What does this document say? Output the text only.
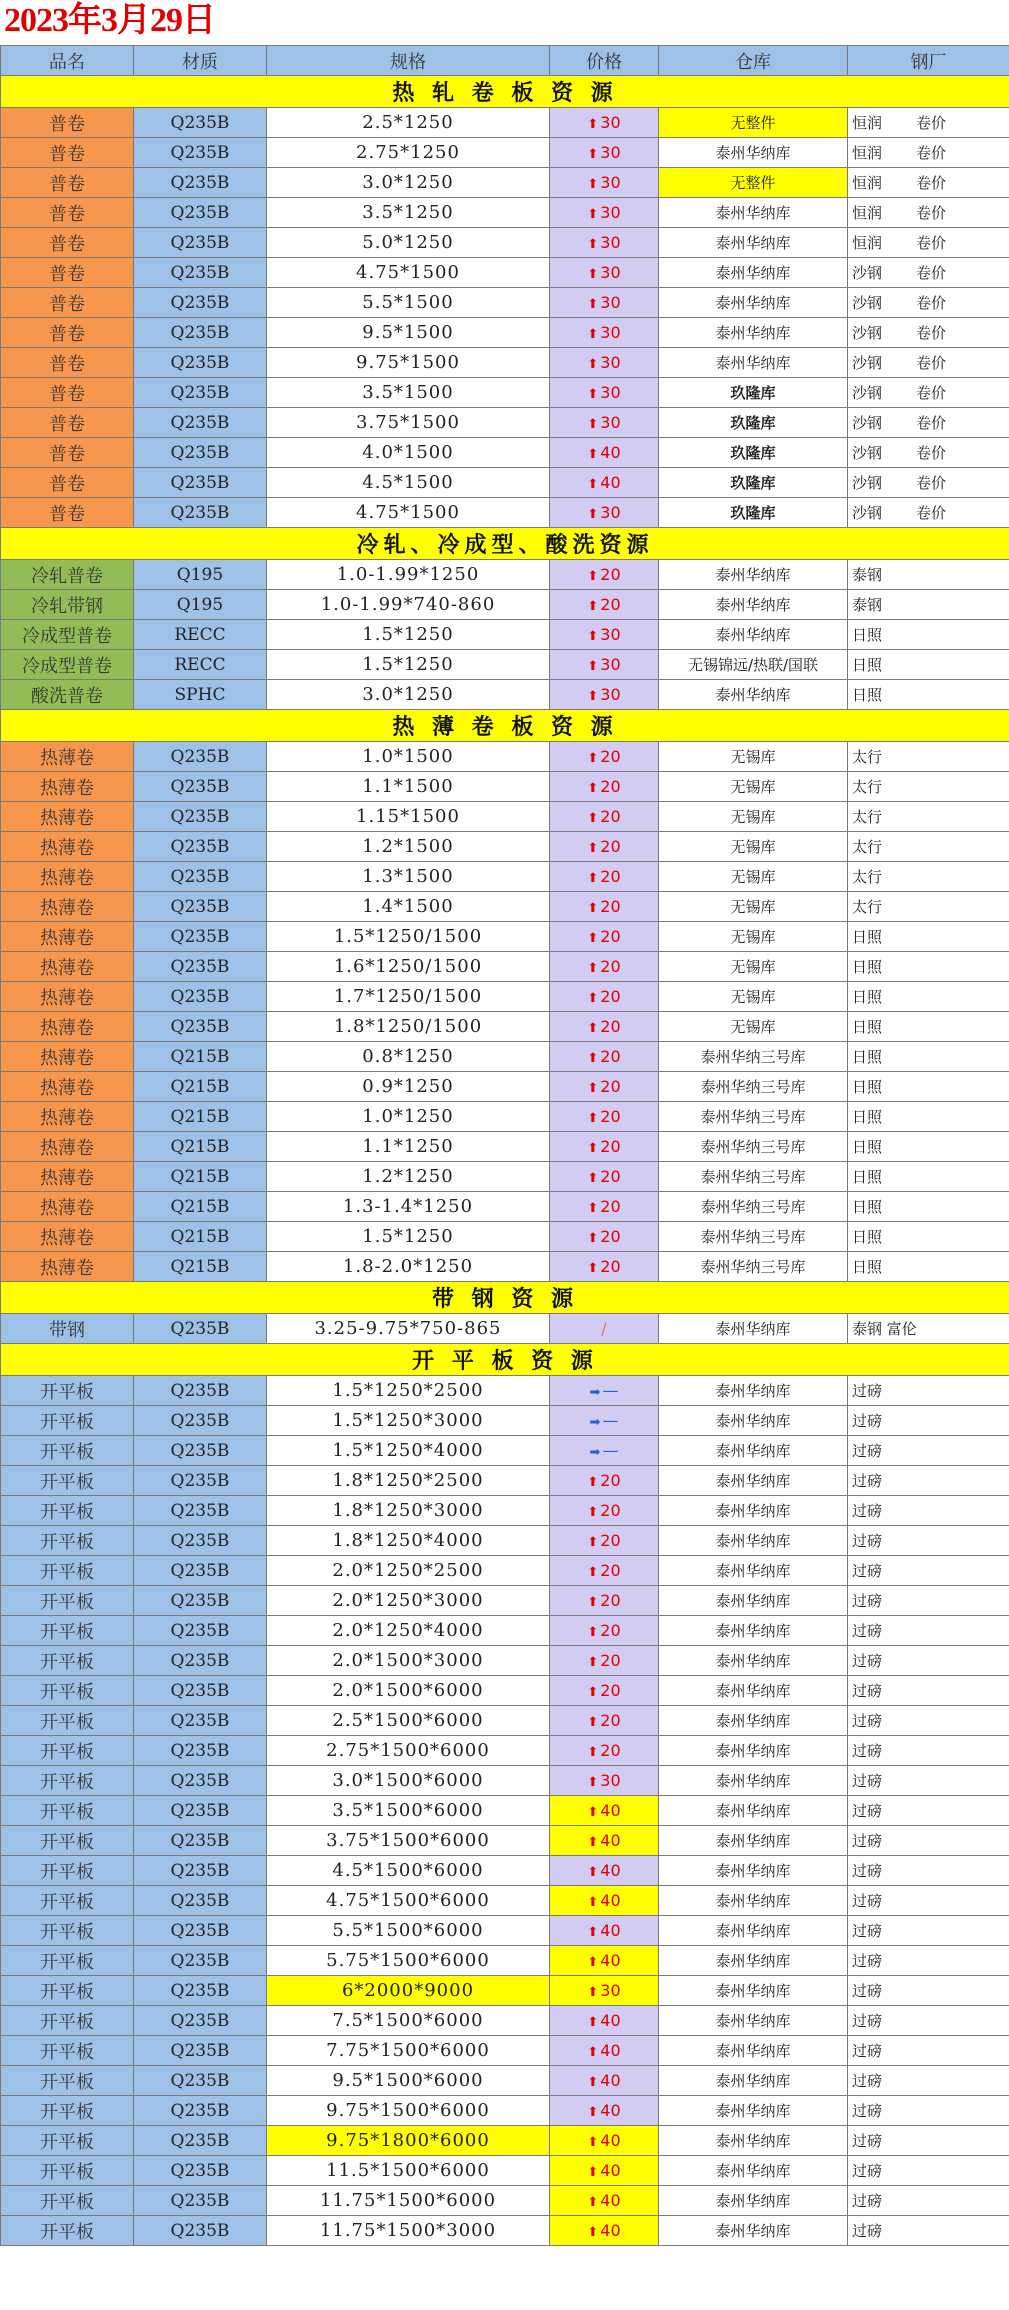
2023年3月29日
品名	材质	规格	价格	仓库	钢厂
热 轧 卷 板 资 源					
普卷	Q235B	2.5*1250	⬆ 30	无整件	恒润 卷价
普卷	Q235B	2.75*1250	⬆ 30	泰州华纳库	恒润 卷价
普卷	Q235B	3.0*1250	⬆ 30	无整件	恒润 卷价
普卷	Q235B	3.5*1250	⬆ 30	泰州华纳库	恒润 卷价
普卷	Q235B	5.0*1250	⬆ 30	泰州华纳库	恒润 卷价
普卷	Q235B	4.75*1500	⬆ 30	泰州华纳库	沙钢 卷价
普卷	Q235B	5.5*1500	⬆ 30	泰州华纳库	沙钢 卷价
普卷	Q235B	9.5*1500	⬆ 30	泰州华纳库	沙钢 卷价
普卷	Q235B	9.75*1500	⬆ 30	泰州华纳库	沙钢 卷价
普卷	Q235B	3.5*1500	⬆ 30	玖隆库	沙钢 卷价
普卷	Q235B	3.75*1500	⬆ 30	玖隆库	沙钢 卷价
普卷	Q235B	4.0*1500	⬆ 40	玖隆库	沙钢 卷价
普卷	Q235B	4.5*1500	⬆ 40	玖隆库	沙钢 卷价
普卷	Q235B	4.75*1500	⬆ 30	玖隆库	沙钢 卷价
冷轧、冷成型、酸洗资源					
冷轧普卷	Q195	1.0-1.99*1250	⬆ 20	泰州华纳库	泰钢
冷轧带钢	Q195	1.0-1.99*740-860	⬆ 20	泰州华纳库	泰钢
冷成型普卷	RECC	1.5*1250	⬆ 30	泰州华纳库	日照
冷成型普卷	RECC	1.5*1250	⬆ 30	无锡锦远/热联/国联	日照
酸洗普卷	SPHC	3.0*1250	⬆ 30	泰州华纳库	日照
热 薄 卷 板 资 源					
热薄卷	Q235B	1.0*1500	⬆ 20	无锡库	太行
热薄卷	Q235B	1.1*1500	⬆ 20	无锡库	太行
热薄卷	Q235B	1.15*1500	⬆ 20	无锡库	太行
热薄卷	Q235B	1.2*1500	⬆ 20	无锡库	太行
热薄卷	Q235B	1.3*1500	⬆ 20	无锡库	太行
热薄卷	Q235B	1.4*1500	⬆ 20	无锡库	太行
热薄卷	Q235B	1.5*1250/1500	⬆ 20	无锡库	日照
热薄卷	Q235B	1.6*1250/1500	⬆ 20	无锡库	日照
热薄卷	Q235B	1.7*1250/1500	⬆ 20	无锡库	日照
热薄卷	Q235B	1.8*1250/1500	⬆ 20	无锡库	日照
热薄卷	Q215B	0.8*1250	⬆ 20	泰州华纳三号库	日照
热薄卷	Q215B	0.9*1250	⬆ 20	泰州华纳三号库	日照
热薄卷	Q215B	1.0*1250	⬆ 20	泰州华纳三号库	日照
热薄卷	Q215B	1.1*1250	⬆ 20	泰州华纳三号库	日照
热薄卷	Q215B	1.2*1250	⬆ 20	泰州华纳三号库	日照
热薄卷	Q215B	1.3-1.4*1250	⬆ 20	泰州华纳三号库	日照
热薄卷	Q215B	1.5*1250	⬆ 20	泰州华纳三号库	日照
热薄卷	Q215B	1.8-2.0*1250	⬆ 20	泰州华纳三号库	日照
带 钢 资 源					
带钢	Q235B	3.25-9.75*750-865	/	泰州华纳库	泰钢 富伦
开 平 板 资 源					
开平板	Q235B	1.5*1250*2500	➡ —	泰州华纳库	过磅
开平板	Q235B	1.5*1250*3000	➡ —	泰州华纳库	过磅
开平板	Q235B	1.5*1250*4000	➡ —	泰州华纳库	过磅
开平板	Q235B	1.8*1250*2500	⬆ 20	泰州华纳库	过磅
开平板	Q235B	1.8*1250*3000	⬆ 20	泰州华纳库	过磅
开平板	Q235B	1.8*1250*4000	⬆ 20	泰州华纳库	过磅
开平板	Q235B	2.0*1250*2500	⬆ 20	泰州华纳库	过磅
开平板	Q235B	2.0*1250*3000	⬆ 20	泰州华纳库	过磅
开平板	Q235B	2.0*1250*4000	⬆ 20	泰州华纳库	过磅
开平板	Q235B	2.0*1500*3000	⬆ 20	泰州华纳库	过磅
开平板	Q235B	2.0*1500*6000	⬆ 20	泰州华纳库	过磅
开平板	Q235B	2.5*1500*6000	⬆ 20	泰州华纳库	过磅
开平板	Q235B	2.75*1500*6000	⬆ 20	泰州华纳库	过磅
开平板	Q235B	3.0*1500*6000	⬆ 30	泰州华纳库	过磅
开平板	Q235B	3.5*1500*6000	⬆ 40	泰州华纳库	过磅
开平板	Q235B	3.75*1500*6000	⬆ 40	泰州华纳库	过磅
开平板	Q235B	4.5*1500*6000	⬆ 40	泰州华纳库	过磅
开平板	Q235B	4.75*1500*6000	⬆ 40	泰州华纳库	过磅
开平板	Q235B	5.5*1500*6000	⬆ 40	泰州华纳库	过磅
开平板	Q235B	5.75*1500*6000	⬆ 40	泰州华纳库	过磅
开平板	Q235B	6*2000*9000	⬆ 30	泰州华纳库	过磅
开平板	Q235B	7.5*1500*6000	⬆ 40	泰州华纳库	过磅
开平板	Q235B	7.75*1500*6000	⬆ 40	泰州华纳库	过磅
开平板	Q235B	9.5*1500*6000	⬆ 40	泰州华纳库	过磅
开平板	Q235B	9.75*1500*6000	⬆ 40	泰州华纳库	过磅
开平板	Q235B	9.75*1800*6000	⬆ 40	泰州华纳库	过磅
开平板	Q235B	11.5*1500*6000	⬆ 40	泰州华纳库	过磅
开平板	Q235B	11.75*1500*6000	⬆ 40	泰州华纳库	过磅
开平板	Q235B	11.75*1500*3000	⬆ 40	泰州华纳库	过磅
